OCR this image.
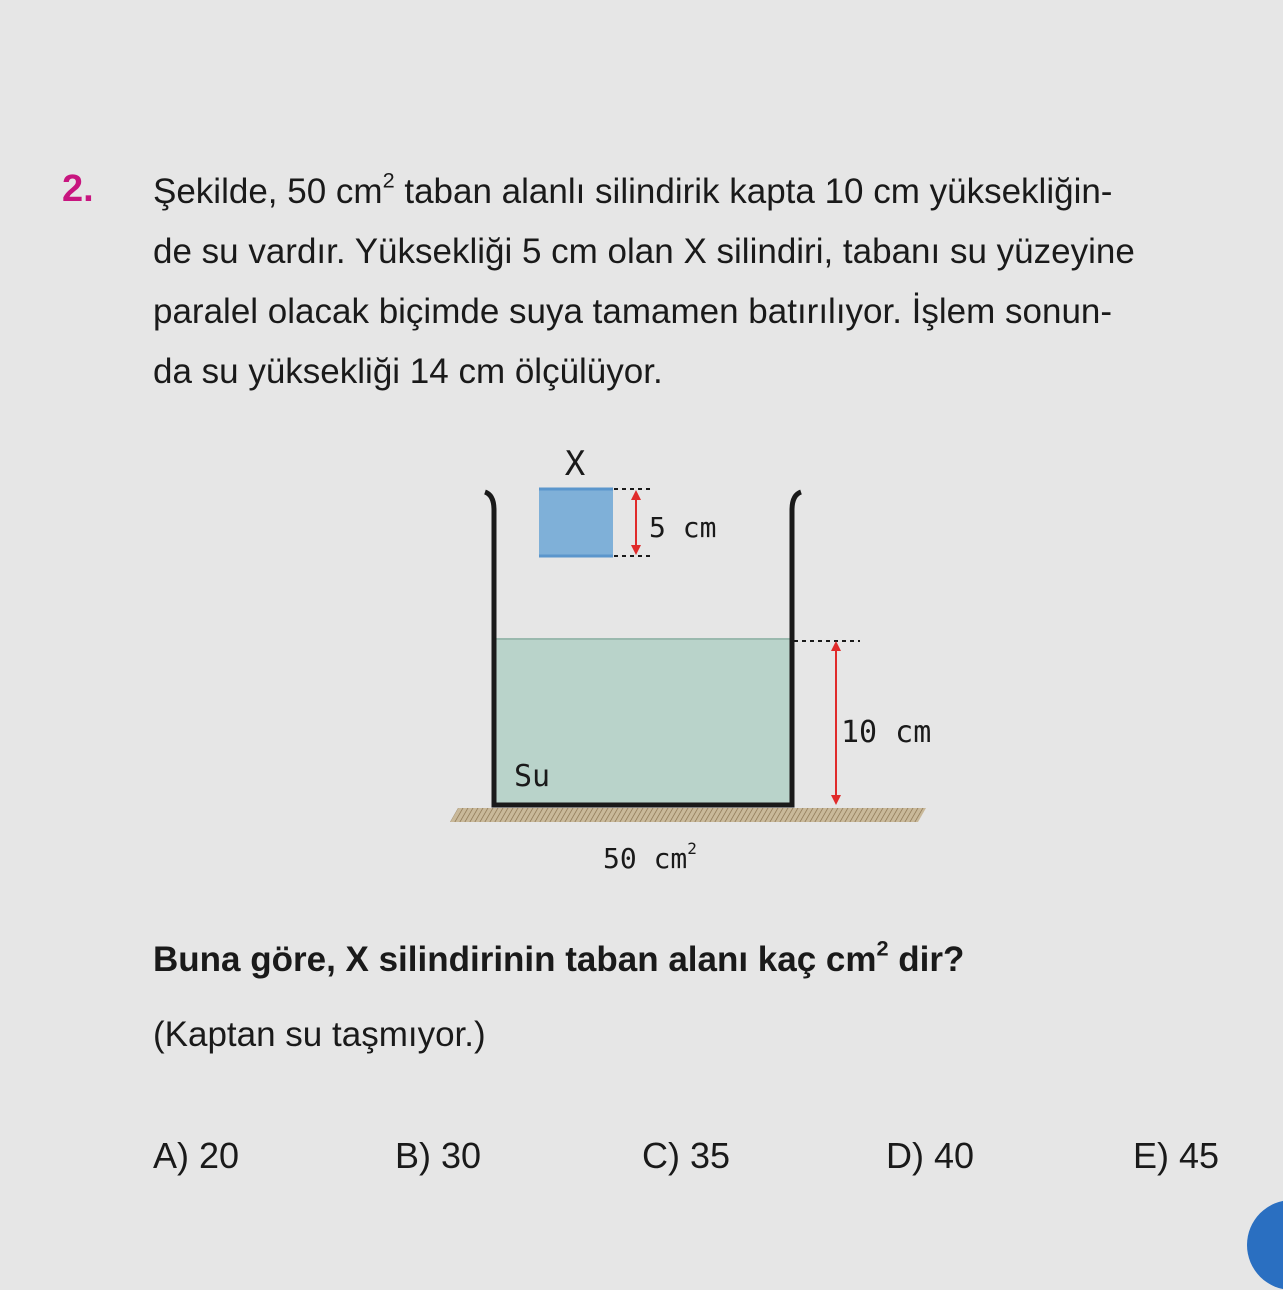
2. Şekilde, 50 $cm^2$ taban alanlı silindirik kapta 10 cm yüksekliğin-
de su vardır. Yüksekliği 5 cm olan X silindiri, tabanı su yüzeyine
paralel olacak biçimde suya tamamen batırılıyor. İşlem sonun-
da su yüksekliği 14 cm ölçülüyor.
X
5 cm
10 cm
Su
50 $cm^2$
Buna göre, X silindirinin taban alanı kaç $cm^2$ dir?
(Kaptan su taşmıyor.)
A) 20	B) 30	C) 35	D) 40	E) 45
